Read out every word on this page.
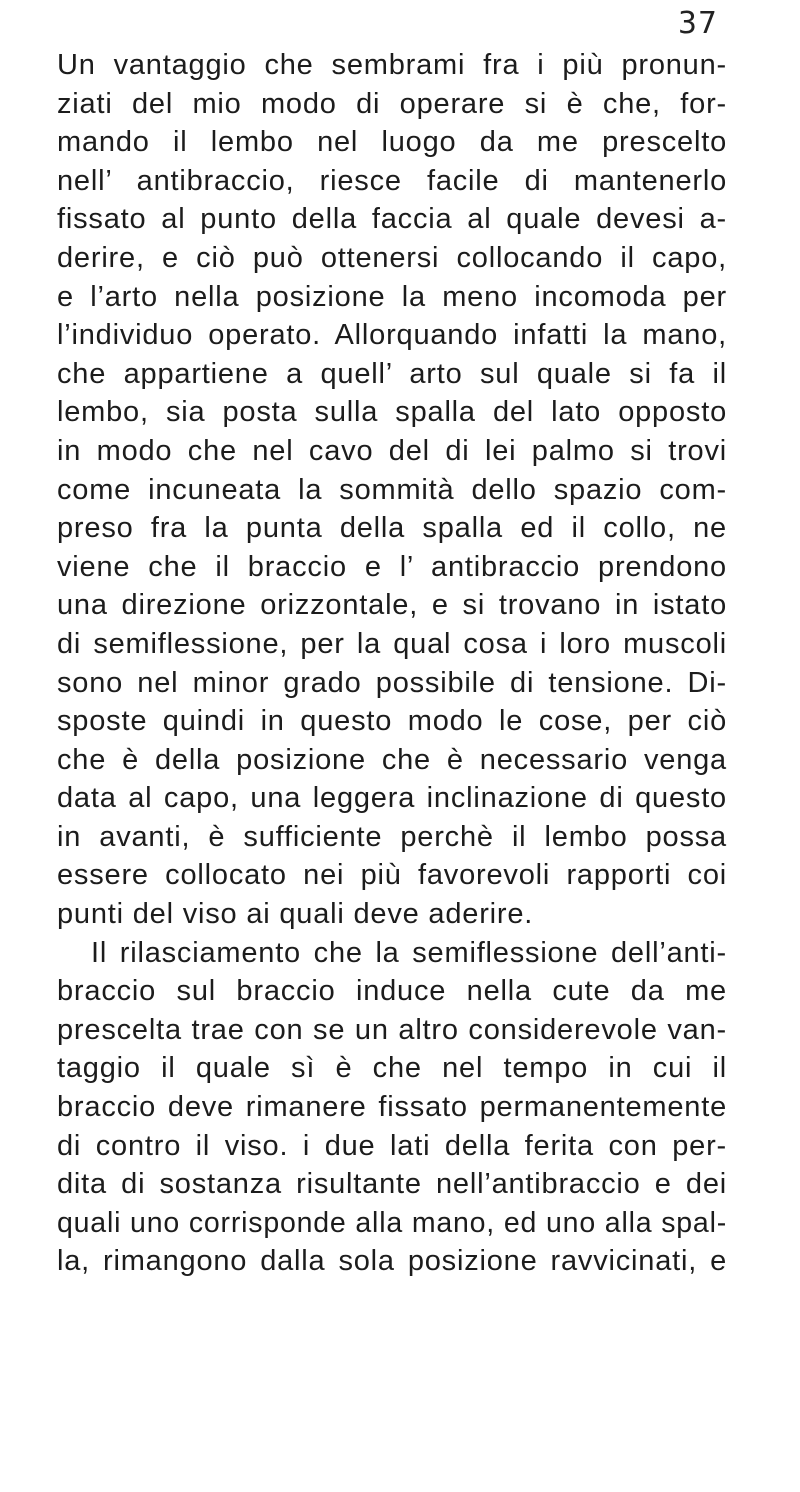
37
Un vantaggio che sembrami fra i più pronun-
ziati del mio modo di operare si è che, for-
mando il lembo nel luogo da me prescelto
nell’ antibraccio, riesce facile di mantenerlo
fissato al punto della faccia al quale devesi a-
derire, e ciò può ottenersi collocando il capo,
e l’arto nella posizione la meno incomoda per
l’individuo operato. Allorquando infatti la mano,
che appartiene a quell’ arto sul quale si fa il
lembo, sia posta sulla spalla del lato opposto
in modo che nel cavo del di lei palmo si trovi
come incuneata la sommità dello spazio com-
preso fra la punta della spalla ed il collo, ne
viene che il braccio e l’ antibraccio prendono
una direzione orizzontale, e si trovano in istato
di semiflessione, per la qual cosa i loro muscoli
sono nel minor grado possibile di tensione. Di-
sposte quindi in questo modo le cose, per ciò
che è della posizione che è necessario venga
data al capo, una leggera inclinazione di questo
in avanti, è sufficiente perchè il lembo possa
essere collocato nei più favorevoli rapporti coi
punti del viso ai quali deve aderire.
Il rilasciamento che la semiflessione dell’anti-
braccio sul braccio induce nella cute da me
prescelta trae con se un altro considerevole van-
taggio il quale sì è che nel tempo in cui il
braccio deve rimanere fissato permanentemente
di contro il viso. i due lati della ferita con per-
dita di sostanza risultante nell’antibraccio e dei
quali uno corrisponde alla mano, ed uno alla spal-
la, rimangono dalla sola posizione ravvicinati, e
